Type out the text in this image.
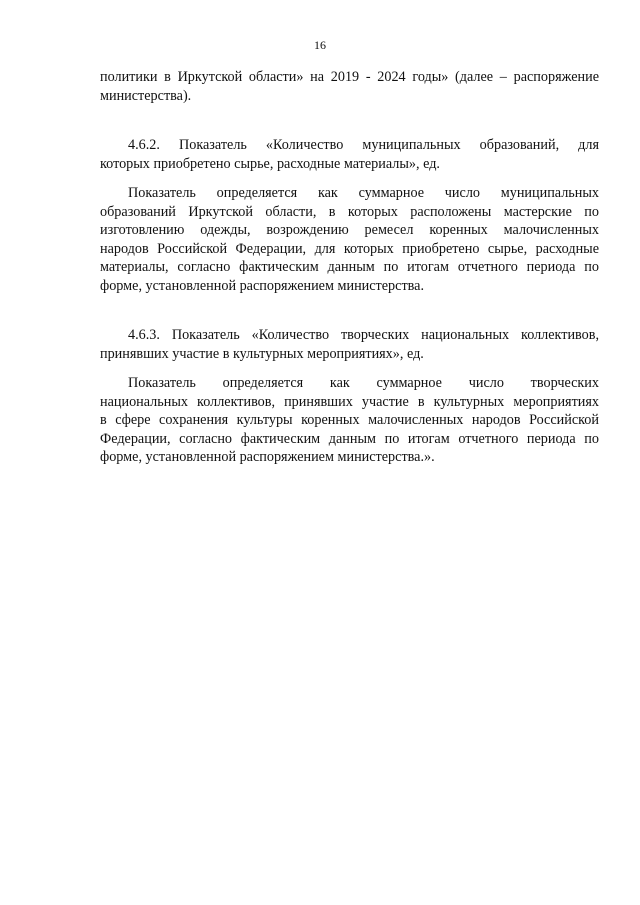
16
политики в Иркутской области» на 2019 - 2024 годы» (далее – распоряжение
министерства).
4.6.2. Показатель «Количество муниципальных образований, для
которых приобретено сырье, расходные материалы», ед.
Показатель определяется как суммарное число муниципальных
образований Иркутской области, в которых расположены мастерские по
изготовлению одежды, возрождению ремесел коренных малочисленных
народов Российской Федерации, для которых приобретено сырье, расходные
материалы, согласно фактическим данным по итогам отчетного периода по
форме, установленной распоряжением министерства.
4.6.3. Показатель «Количество творческих национальных коллективов,
принявших участие в культурных мероприятиях», ед.
Показатель определяется как суммарное число творческих
национальных коллективов, принявших участие в культурных мероприятиях
в сфере сохранения культуры коренных малочисленных народов Российской
Федерации, согласно фактическим данным по итогам отчетного периода по
форме, установленной распоряжением министерства.».
